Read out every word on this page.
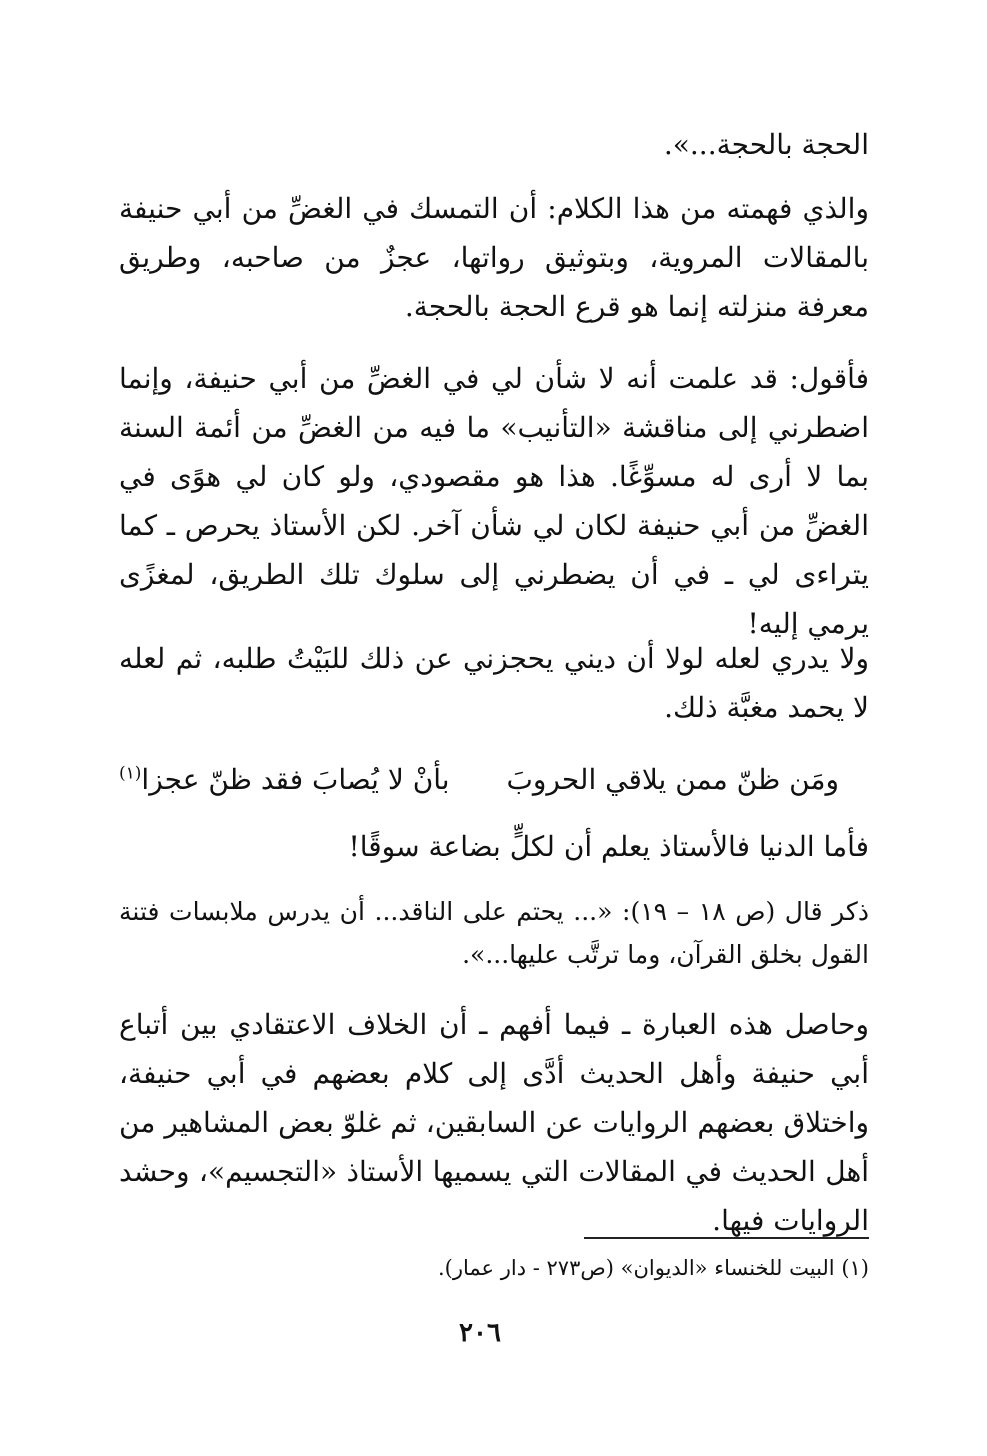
الحجة بالحجة...».
والذي فهمته من هذا الكلام: أن التمسك في الغضِّ من أبي حنيفة بالمقالات المروية، وبتوثيق رواتها، عجزٌ من صاحبه، وطريق معرفة منزلته إنما هو قرع الحجة بالحجة.
فأقول: قد علمت أنه لا شأن لي في الغضِّ من أبي حنيفة، وإنما اضطرني إلى مناقشة «التأنيب» ما فيه من الغضِّ من أئمة السنة بما لا أرى له مسوِّغًا. هذا هو مقصودي، ولو كان لي هوًى في الغضِّ من أبي حنيفة لكان لي شأن آخر. لكن الأستاذ يحرص ـ كما يتراءى لي ـ في أن يضطرني إلى سلوك تلك الطريق، لمغزًى يرمي إليه!
ولا يدري لعله لولا أن ديني يحجزني عن ذلك للبَيْتُ طلبه، ثم لعله لا يحمد مغبَّة ذلك.
ومَن ظنّ ممن يلاقي الحروبَ
بأنْ لا يُصابَ فقد ظنّ عجزا$^{(١)}$
فأما الدنيا فالأستاذ يعلم أن لكلٍّ بضاعة سوقًا!
ذكر قال (ص ١٨ – ١٩): «... يحتم على الناقد... أن يدرس ملابسات فتنة القول بخلق القرآن، وما ترتَّب عليها...».
وحاصل هذه العبارة ـ فيما أفهم ـ أن الخلاف الاعتقادي بين أتباع أبي حنيفة وأهل الحديث أدَّى إلى كلام بعضهم في أبي حنيفة، واختلاق بعضهم الروايات عن السابقين، ثم غلوّ بعض المشاهير من أهل الحديث في المقالات التي يسميها الأستاذ «التجسيم»، وحشد الروايات فيها.
(١) البيت للخنساء «الديوان» (ص٢٧٣ - دار عمار).
٢٠٦
